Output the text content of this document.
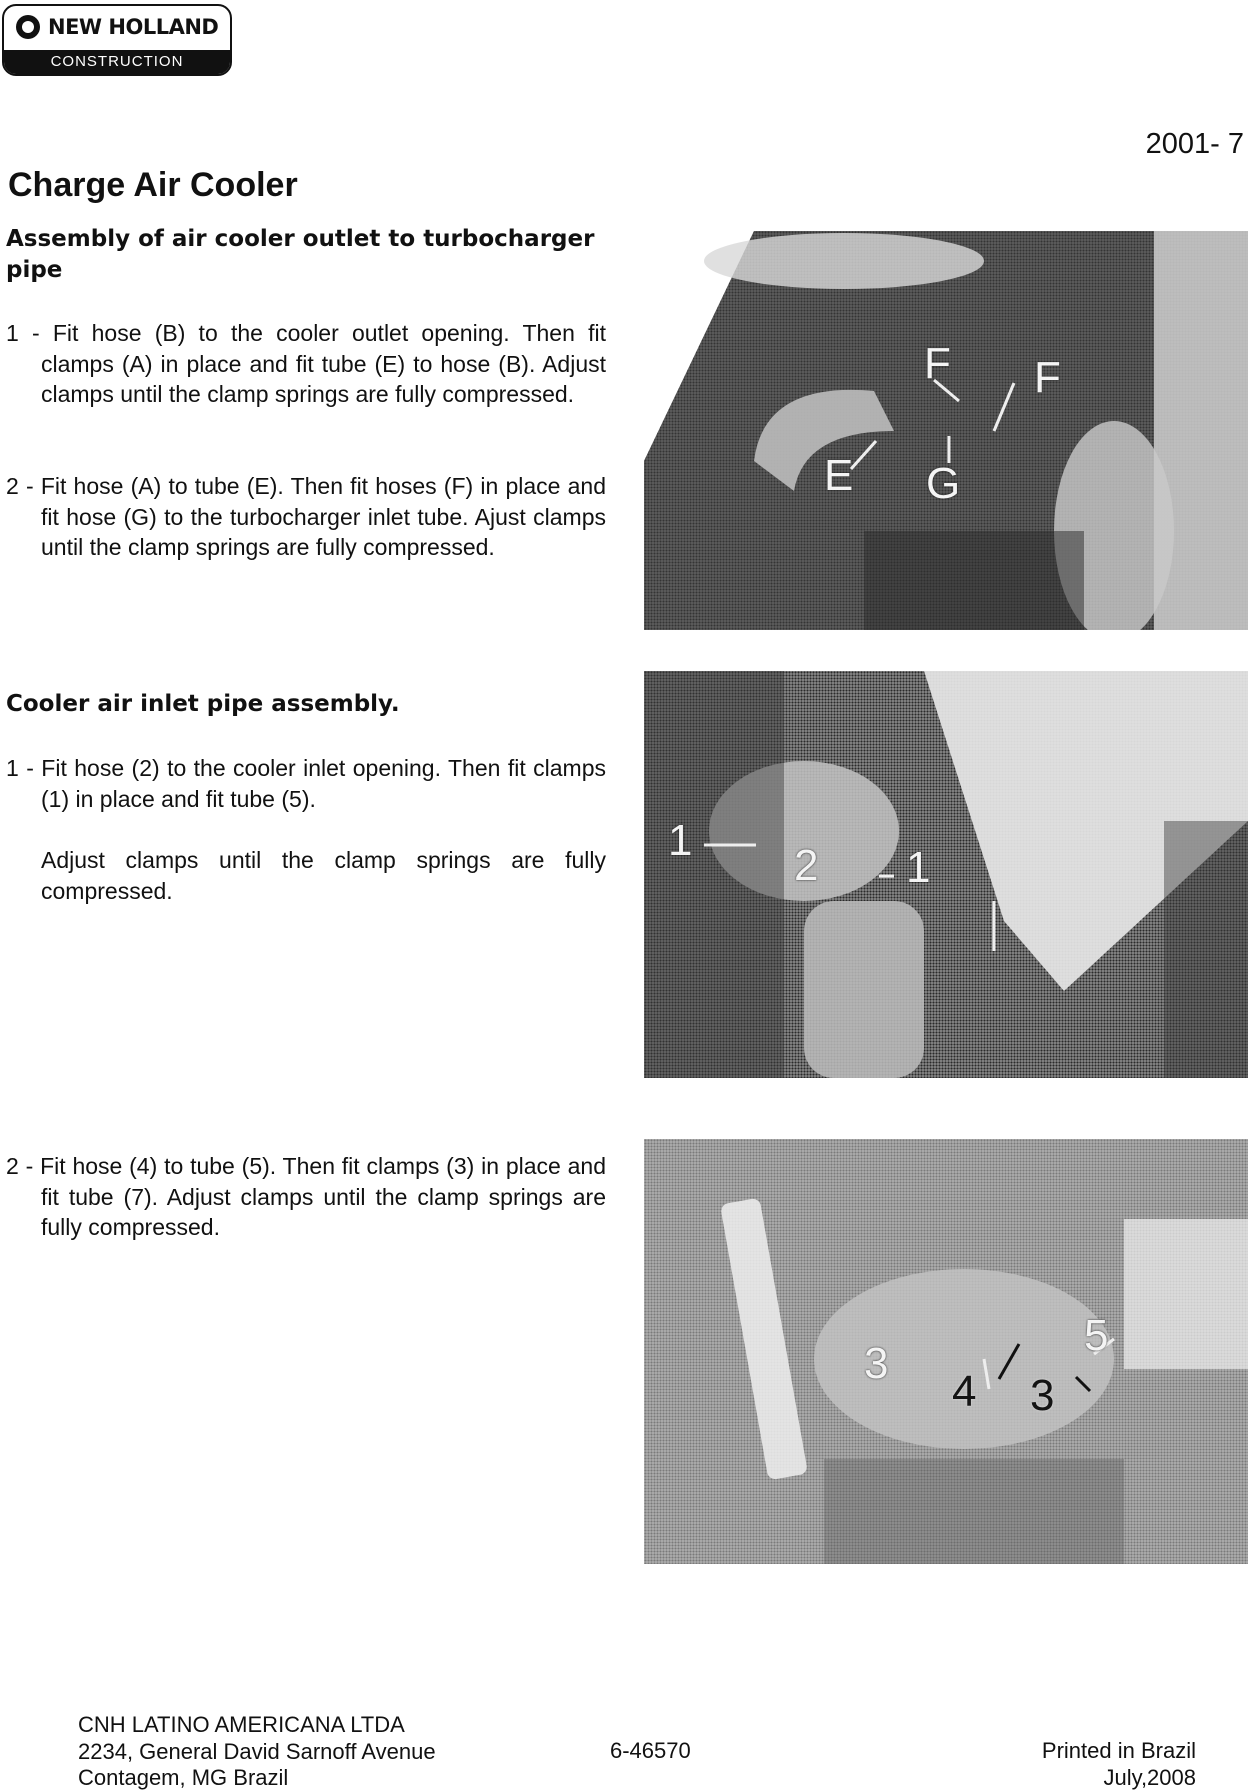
NEW HOLLAND
CONSTRUCTION
2001- 7
Charge Air Cooler
Assembly of air cooler outlet to turbocharger pipe

1 - Fit hose (B) to the cooler outlet opening. Then fit clamps (A) in place and fit tube (E) to hose (B). Adjust clamps until the clamp springs are fully compressed.

2 - Fit hose (A) to tube (E). Then fit hoses (F) in place and fit hose (G) to the turbocharger inlet tube. Ajust clamps until the clamp springs are fully compressed.

F F
E G
Cooler air inlet pipe assembly.

1 - Fit hose (2) to the cooler inlet opening. Then fit clamps (1) in place and fit tube (5).

Adjust clamps until the clamp springs are fully compressed.

1
2 1

2 - Fit hose (4) to tube (5). Then fit clamps (3) in place and fit tube (7). Adjust clamps until the clamp springs are fully compressed.

3
4 3
5
CNH LATINO AMERICANA LTDA
2234, General David Sarnoff Avenue
Contagem, MG Brazil
6-46570	Printed in Brazil
July,2008
